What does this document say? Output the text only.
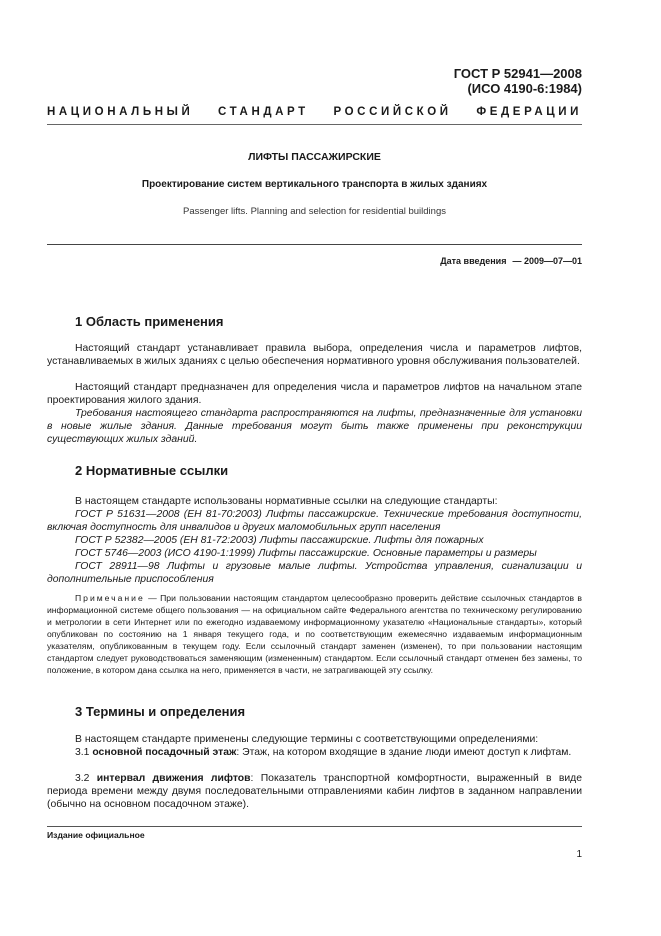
ГОСТ Р 52941—2008
(ИСО 4190-6:1984)
НАЦИОНАЛЬНЫЙ СТАНДАРТ РОССИЙСКОЙ ФЕДЕРАЦИИ
ЛИФТЫ ПАССАЖИРСКИЕ
Проектирование систем вертикального транспорта в жилых зданиях
Passenger lifts. Planning and selection for residential buildings
Дата введения — 2009—07—01
1 Область применения
Настоящий стандарт устанавливает правила выбора, определения числа и параметров лифтов, устанавливаемых в жилых зданиях с целью обеспечения нормативного уровня обслуживания пользователей.
Настоящий стандарт предназначен для определения числа и параметров лифтов на начальном этапе проектирования жилого здания.
Требования настоящего стандарта распространяются на лифты, предназначенные для установки в новые жилые здания. Данные требования могут быть также применены при реконструкции существующих жилых зданий.
2 Нормативные ссылки
В настоящем стандарте использованы нормативные ссылки на следующие стандарты:
ГОСТ Р 51631—2008 (ЕН 81-70:2003) Лифты пассажирские. Технические требования доступности, включая доступность для инвалидов и других маломобильных групп населения
ГОСТ Р 52382—2005 (ЕН 81-72:2003) Лифты пассажирские. Лифты для пожарных
ГОСТ 5746—2003 (ИСО 4190-1:1999) Лифты пассажирские. Основные параметры и размеры
ГОСТ 28911—98 Лифты и грузовые малые лифты. Устройства управления, сигнализации и дополнительные приспособления
Примечание — При пользовании настоящим стандартом целесообразно проверить действие ссылочных стандартов в информационной системе общего пользования — на официальном сайте Федерального агентства по техническому регулированию и метрологии в сети Интернет или по ежегодно издаваемому информационному указателю «Национальные стандарты», который опубликован по состоянию на 1 января текущего года, и по соответствующим ежемесячно издаваемым информационным указателям, опубликованным в текущем году. Если ссылочный стандарт заменен (изменен), то при пользовании настоящим стандартом следует руководствоваться заменяющим (измененным) стандартом. Если ссылочный стандарт отменен без замены, то положение, в котором дана ссылка на него, применяется в части, не затрагивающей эту ссылку.
3 Термины и определения
В настоящем стандарте применены следующие термины с соответствующими определениями:
3.1 основной посадочный этаж: Этаж, на котором входящие в здание люди имеют доступ к лифтам.
3.2 интервал движения лифтов: Показатель транспортной комфортности, выраженный в виде периода времени между двумя последовательными отправлениями кабин лифтов в заданном направлении (обычно на основном посадочном этаже).
Издание официальное
1
